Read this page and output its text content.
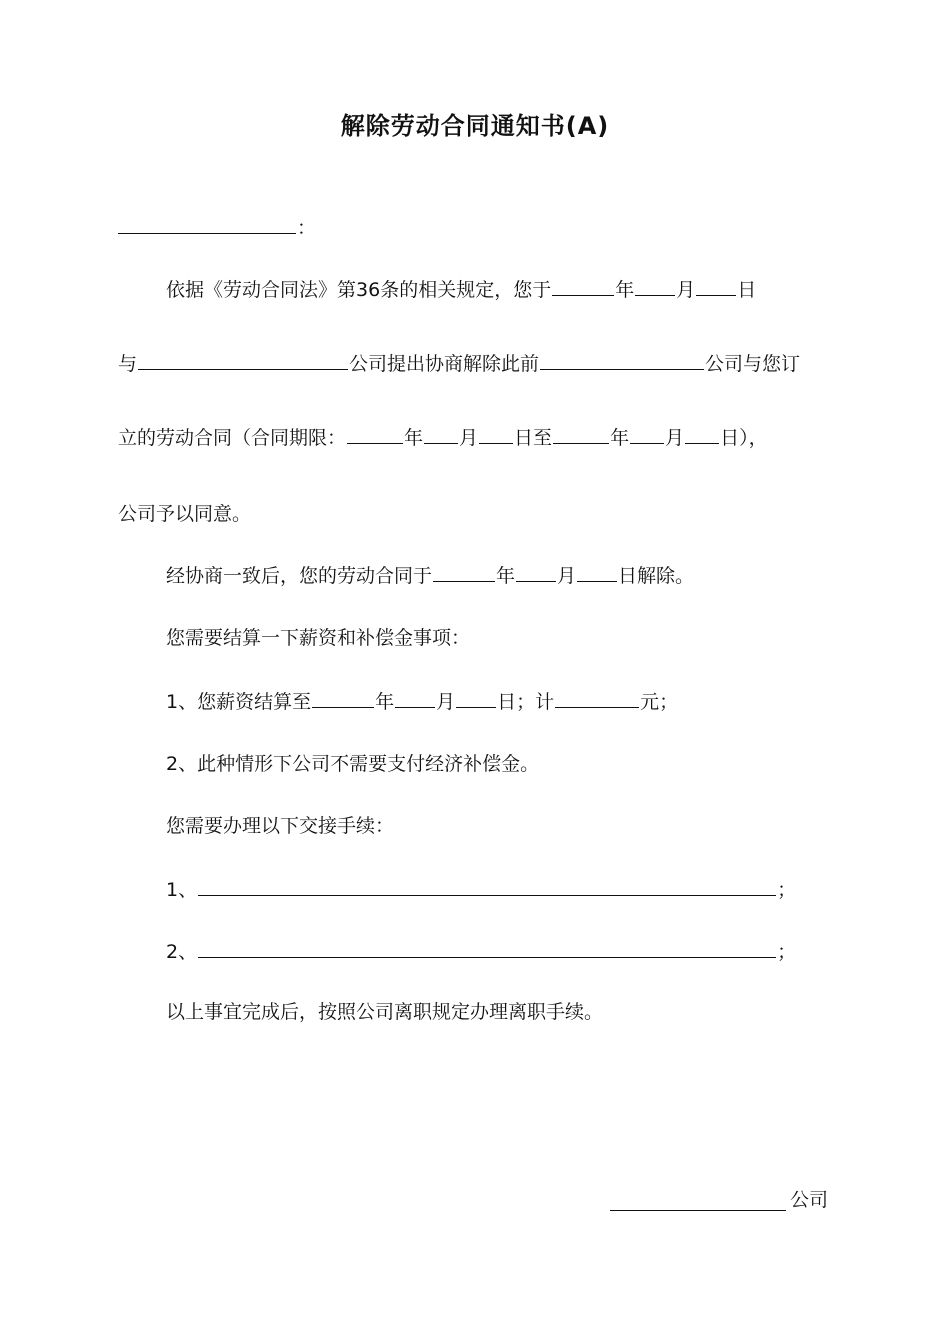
解除劳动合同通知书(A)
：
依据《劳动合同法》第36条的相关规定，您于	年 月 日
与	公司提出协商解除此前	公司与您订
立的劳动合同（合同期限：	年 月 日至	年 月 日），
公司予以同意。
经协商一致后，您的劳动合同于	年 月 日解除。
您需要结算一下薪资和补偿金事项：
1、您薪资结算至	年 月 日；计	元；
2、此种情形下公司不需要支付经济补偿金。
您需要办理以下交接手续：
1、	；
2、	；
以上事宜完成后，按照公司离职规定办理离职手续。
公司
